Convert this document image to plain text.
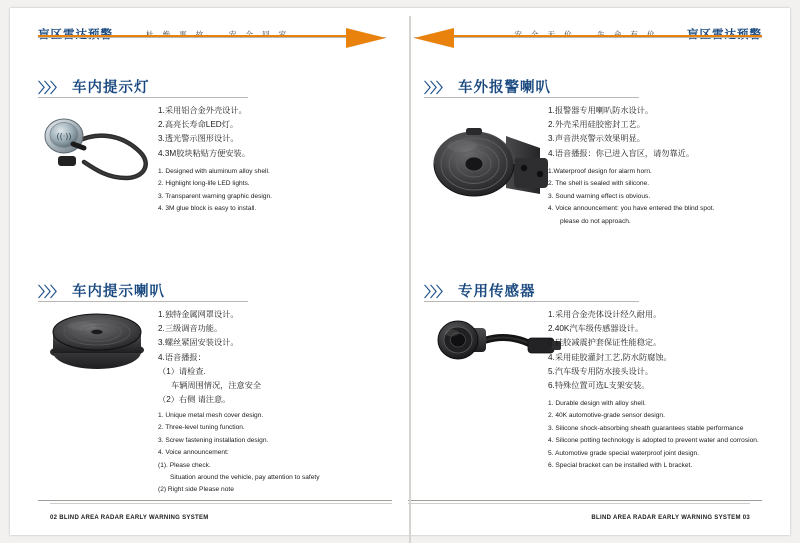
〉〉〉 车内提示灯
((·))
1.采用铝合金外壳设计。
2.高亮长寿命LED灯。
3.透光警示图形设计。
4.3M胶块粘贴方便安装。
1. Designed with aluminum alloy shell.
2. Highlight long-life LED lights.
3. Transparent warning graphic design.
4. 3M glue block is easy to install.
〉〉〉 车内提示喇叭
1.独特金属网罩设计。
2.三级调音功能。
3.螺丝紧固安装设计。
4.语音播报：
（1）请检查.
车辆周围情况，注意安全
（2）右侧 请注意。
1. Unique metal mesh cover design.
2. Three-level tuning function.
3. Screw fastening installation design.
4. Voice announcement:
(1). Please check.
Situation around the vehicle, pay attention to safety
(2) Right side Please note
02 BLIND AREA RADAR EARLY WARNING SYSTEM
〉〉〉 车外报警喇叭
1.报警器专用喇叭防水设计。
2.外壳采用硅胶密封工艺。
3.声音洪亮警示效果明显。
4.语音播报：你已进入盲区，请勿靠近。
1.Waterproof design for alarm horn.
2. The shell is sealed with silicone.
3. Sound warning effect is obvious.
4. Voice announcement: you have entered the blind spot.
please do not approach.
〉〉〉 专用传感器
1.采用合金壳体设计经久耐用。
2.40K汽车级传感器设计。
3.硅胶减震护套保证性能稳定。
4.采用硅胶灌封工艺,防水防腐蚀。
5.汽车级专用防水接头设计。
6.特殊位置可选L支架安装。
1. Durable design with alloy shell.
2. 40K automotive-grade sensor design.
3. Silicone shock-absorbing sheath guarantees stable performance
4. Silicone potting technology is adopted to prevent water and corrosion.
5. Automotive grade special waterproof joint design.
6. Special bracket can be installed with L bracket.
BLIND AREA RADAR EARLY WARNING SYSTEM 03
